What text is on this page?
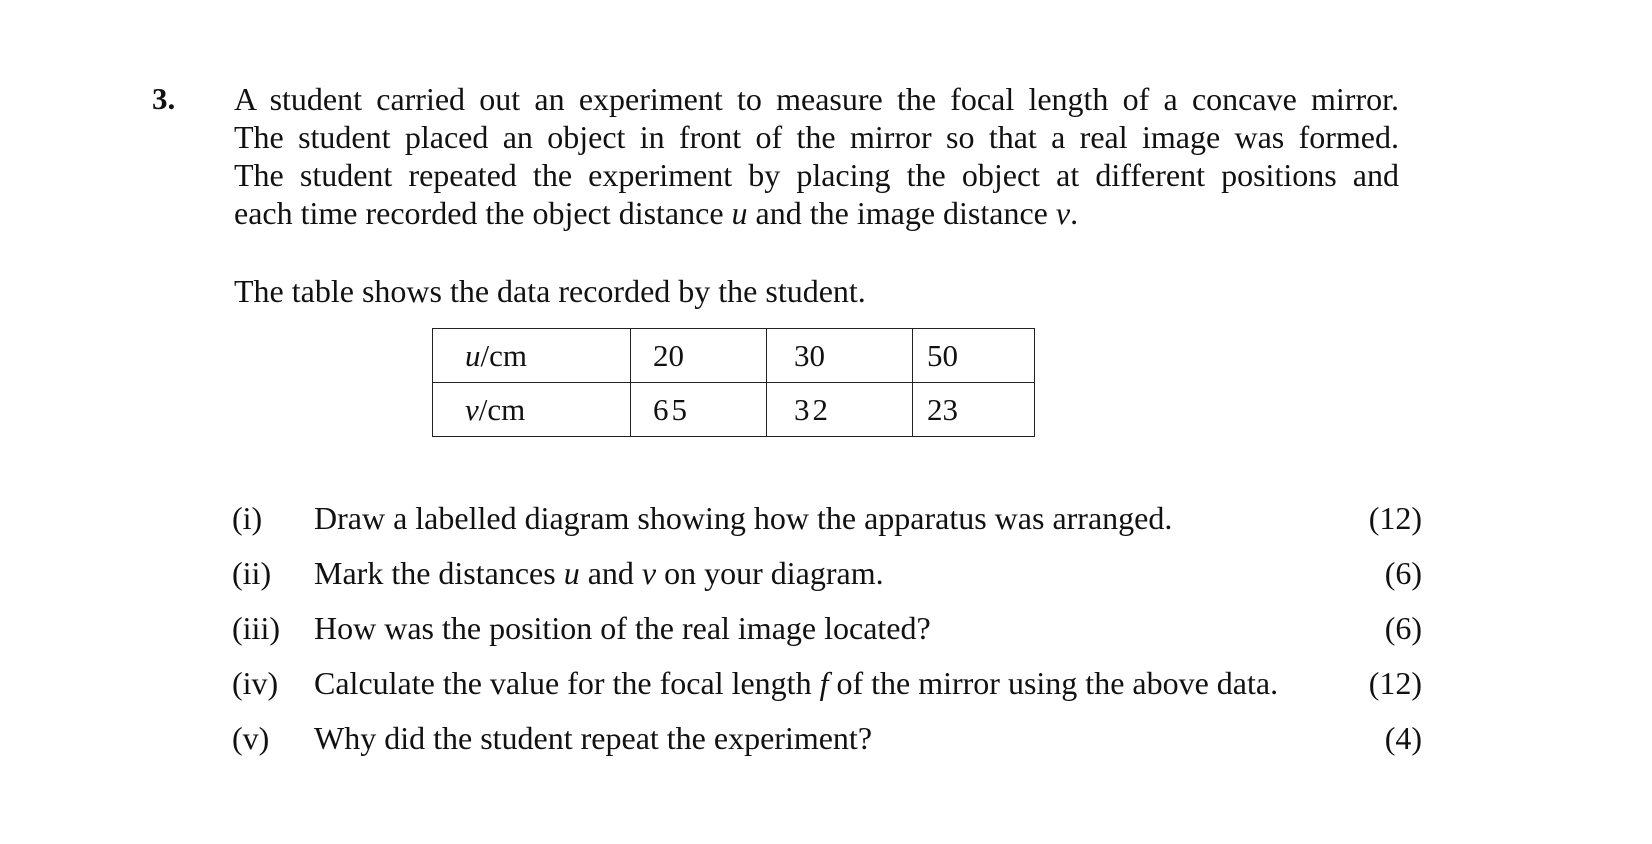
3. A student carried out an experiment to measure the focal length of a concave mirror.
The student placed an object in front of the mirror so that a real image was formed.
The student repeated the experiment by placing the object at different positions and
each time recorded the object distance u and the image distance v.
The table shows the data recorded by the student.
u/cm	20	30	50
v/cm	65	32	23
(i) Draw a labelled diagram showing how the apparatus was arranged.	(12)
(ii) Mark the distances u and v on your diagram.	(6)
(iii) How was the position of the real image located?	(6)
(iv) Calculate the value for the focal length f of the mirror using the above data.	(12)
(v) Why did the student repeat the experiment?	(4)
